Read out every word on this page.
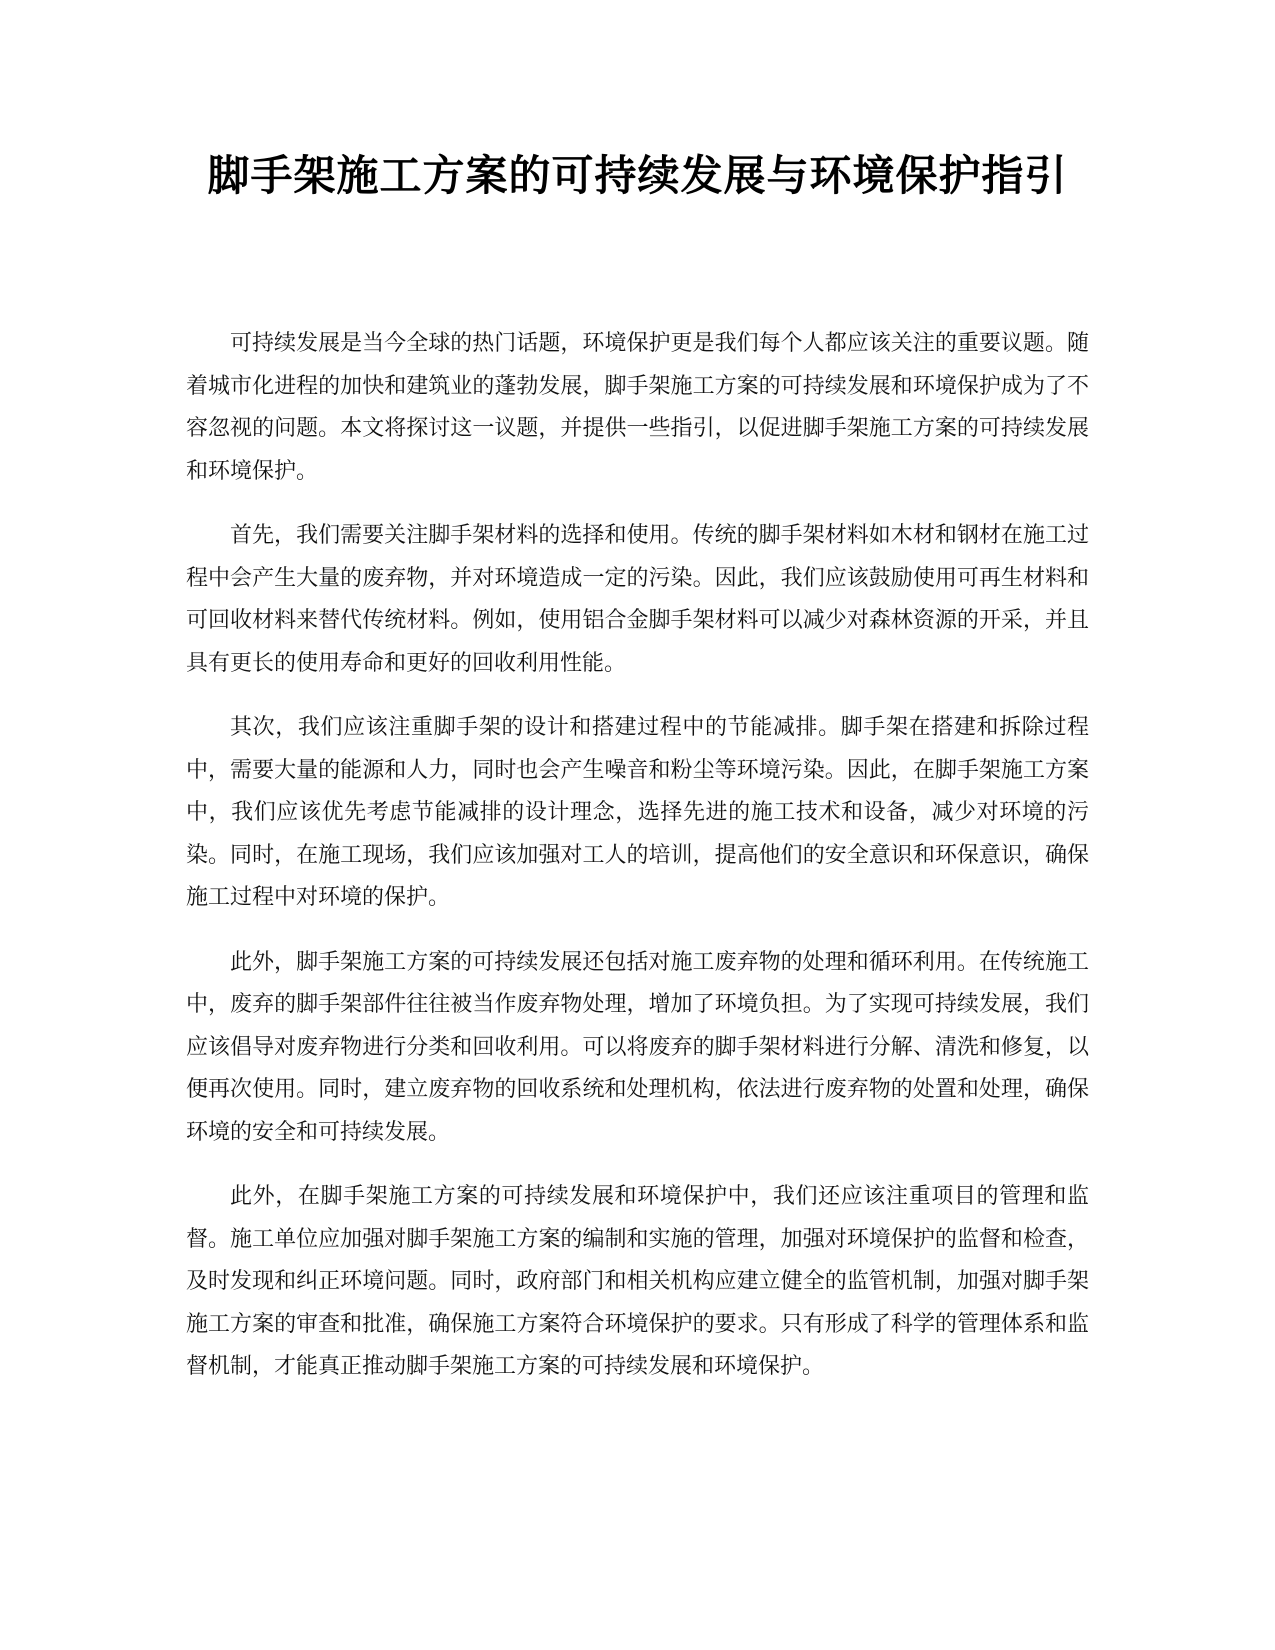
脚手架施工方案的可持续发展与环境保护指引

可持续发展是当今全球的热门话题，环境保护更是我们每个人都应该关注的重要议题。随着城市化进程的加快和建筑业的蓬勃发展，脚手架施工方案的可持续发展和环境保护成为了不容忽视的问题。本文将探讨这一议题，并提供一些指引，以促进脚手架施工方案的可持续发展和环境保护。

首先，我们需要关注脚手架材料的选择和使用。传统的脚手架材料如木材和钢材在施工过程中会产生大量的废弃物，并对环境造成一定的污染。因此，我们应该鼓励使用可再生材料和可回收材料来替代传统材料。例如，使用铝合金脚手架材料可以减少对森林资源的开采，并且具有更长的使用寿命和更好的回收利用性能。

其次，我们应该注重脚手架的设计和搭建过程中的节能减排。脚手架在搭建和拆除过程中，需要大量的能源和人力，同时也会产生噪音和粉尘等环境污染。因此，在脚手架施工方案中，我们应该优先考虑节能减排的设计理念，选择先进的施工技术和设备，减少对环境的污染。同时，在施工现场，我们应该加强对工人的培训，提高他们的安全意识和环保意识，确保施工过程中对环境的保护。

此外，脚手架施工方案的可持续发展还包括对施工废弃物的处理和循环利用。在传统施工中，废弃的脚手架部件往往被当作废弃物处理，增加了环境负担。为了实现可持续发展，我们应该倡导对废弃物进行分类和回收利用。可以将废弃的脚手架材料进行分解、清洗和修复，以便再次使用。同时，建立废弃物的回收系统和处理机构，依法进行废弃物的处置和处理，确保环境的安全和可持续发展。

此外，在脚手架施工方案的可持续发展和环境保护中，我们还应该注重项目的管理和监督。施工单位应加强对脚手架施工方案的编制和实施的管理，加强对环境保护的监督和检查，及时发现和纠正环境问题。同时，政府部门和相关机构应建立健全的监管机制，加强对脚手架施工方案的审查和批准，确保施工方案符合环境保护的要求。只有形成了科学的管理体系和监督机制，才能真正推动脚手架施工方案的可持续发展和环境保护。
